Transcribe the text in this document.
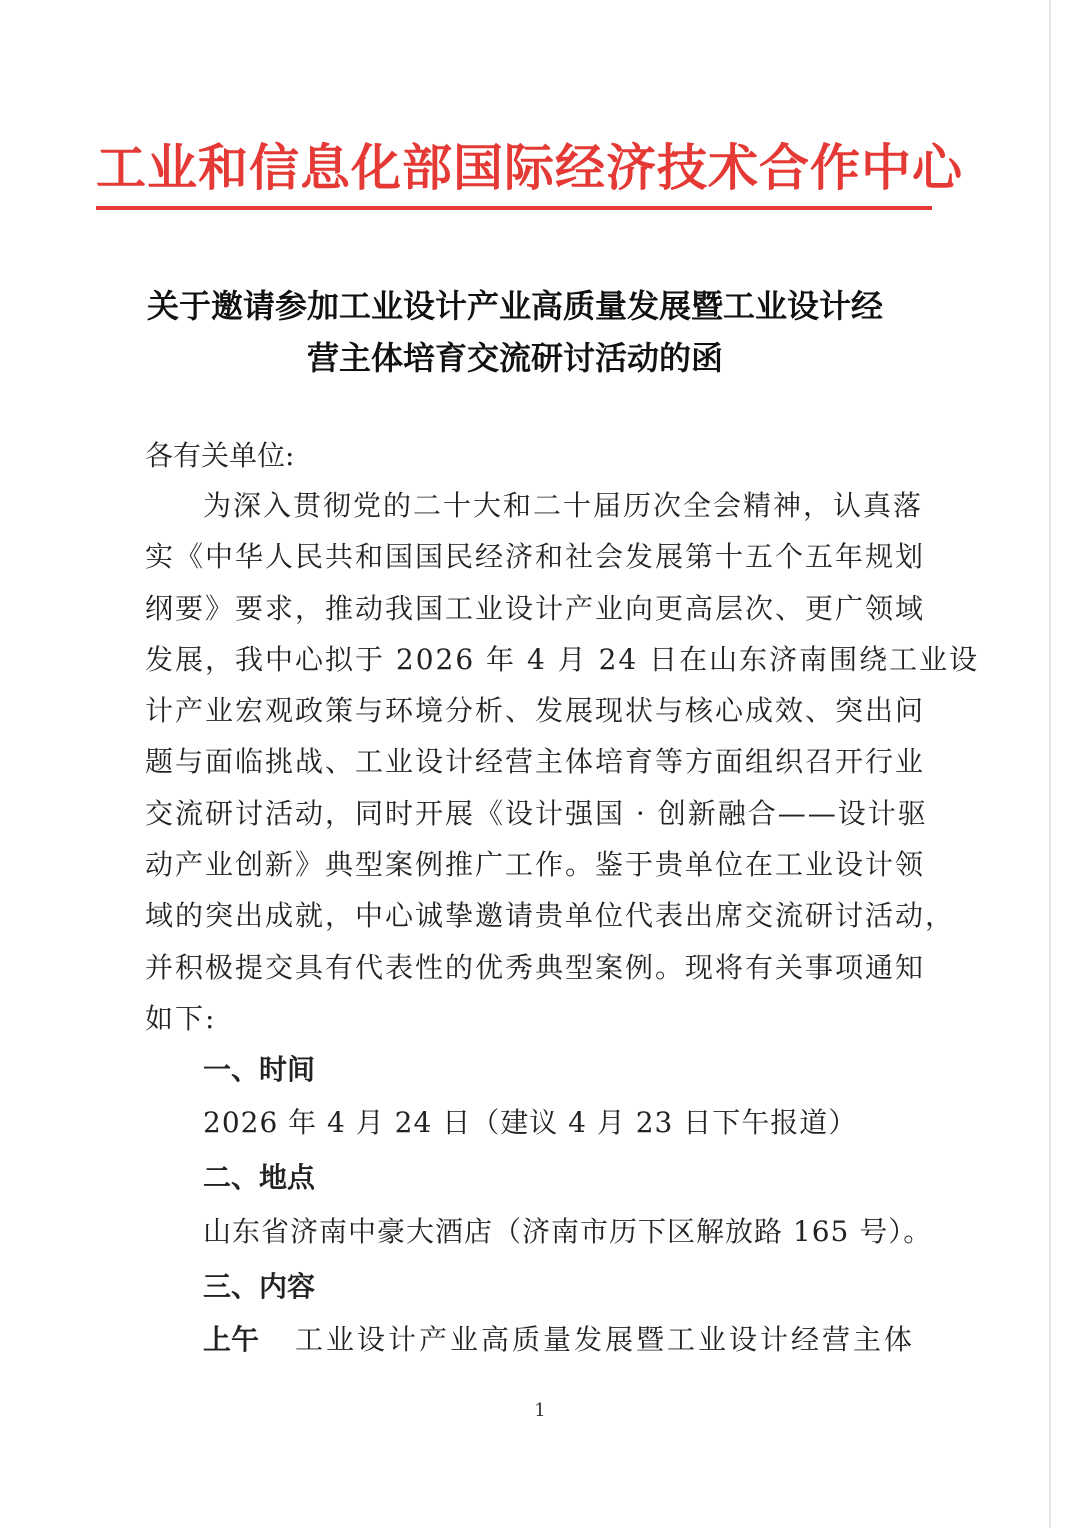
工业和信息化部国际经济技术合作中心
关于邀请参加工业设计产业高质量发展暨工业设计经
营主体培育交流研讨活动的函
各有关单位:
为深入贯彻党的二十大和二十届历次全会精神，认真落
实《中华人民共和国国民经济和社会发展第十五个五年规划
纲要》要求，推动我国工业设计产业向更高层次、更广领域
发展，我中心拟于 2026 年 4 月 24 日在山东济南围绕工业设
计产业宏观政策与环境分析、发展现状与核心成效、突出问
题与面临挑战、工业设计经营主体培育等方面组织召开行业
交流研讨活动，同时开展《设计强国 · 创新融合——设计驱
动产业创新》典型案例推广工作。鉴于贵单位在工业设计领
域的突出成就，中心诚挚邀请贵单位代表出席交流研讨活动，
并积极提交具有代表性的优秀典型案例。现将有关事项通知
如下:
一、时间
2026 年 4 月 24 日（建议 4 月 23 日下午报道）
二、地点
山东省济南中豪大酒店（济南市历下区解放路 165 号）。
三、内容
上午 工业设计产业高质量发展暨工业设计经营主体
1
